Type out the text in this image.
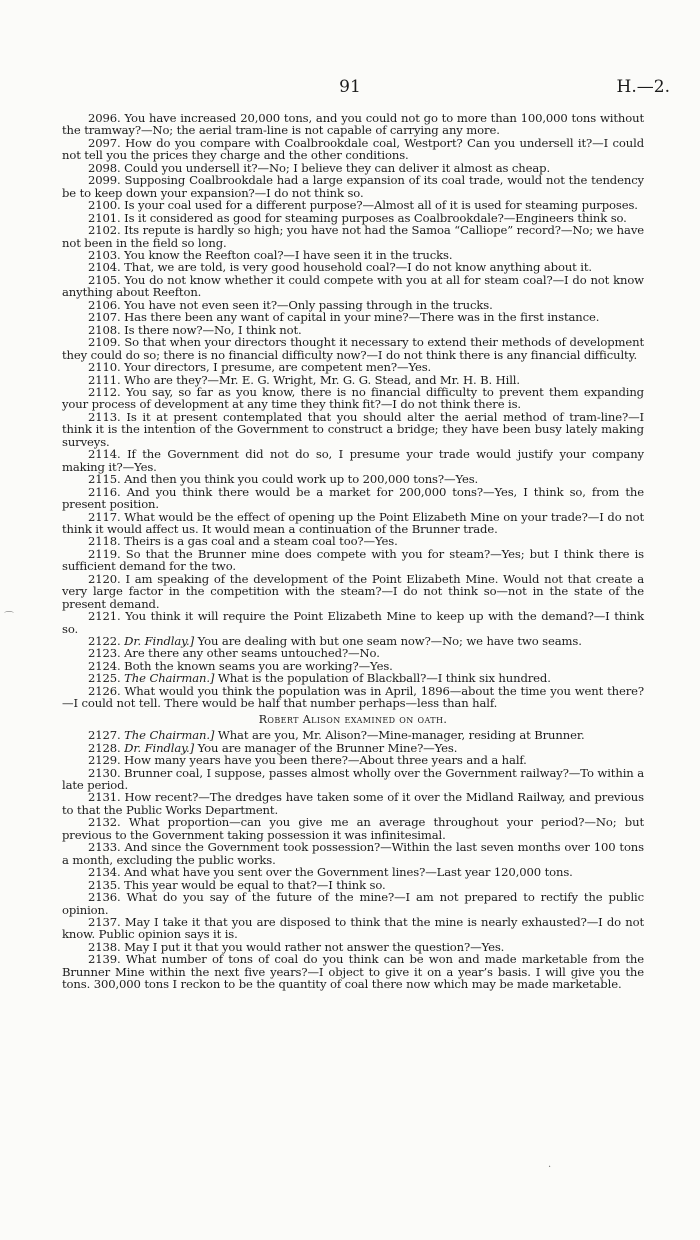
91	H.—2.

2096. You have increased 20,000 tons, and you could not go to more than 100,000 tons without the tramway?—No; the aerial tram-line is not capable of carrying any more.

2097. How do you compare with Coalbrookdale coal, Westport? Can you undersell it?—I could not tell you the prices they charge and the other conditions.

2098. Could you undersell it?—No; I believe they can deliver it almost as cheap.

2099. Supposing Coalbrookdale had a large expansion of its coal trade, would not the tendency be to keep down your expansion?—I do not think so.

2100. Is your coal used for a different purpose?—Almost all of it is used for steaming purposes.

2101. Is it considered as good for steaming purposes as Coalbrookdale?—Engineers think so.

2102. Its repute is hardly so high; you have not had the Samoa “Calliope” record?—No; we have not been in the field so long.

2103. You know the Reefton coal?—I have seen it in the trucks.

2104. That, we are told, is very good household coal?—I do not know anything about it.

2105. You do not know whether it could compete with you at all for steam coal?—I do not know anything about Reefton.

2106. You have not even seen it?—Only passing through in the trucks.

2107. Has there been any want of capital in your mine?—There was in the first instance.

2108. Is there now?—No, I think not.

2109. So that when your directors thought it necessary to extend their methods of development they could do so; there is no financial difficulty now?—I do not think there is any financial difficulty.

2110. Your directors, I presume, are competent men?—Yes.

2111. Who are they?—Mr. E. G. Wright, Mr. G. G. Stead, and Mr. H. B. Hill.

2112. You say, so far as you know, there is no financial difficulty to prevent them expanding your process of development at any time they think fit?—I do not think there is.

2113. Is it at present contemplated that you should alter the aerial method of tram-line?—I think it is the intention of the Government to construct a bridge; they have been busy lately making surveys.

2114. If the Government did not do so, I presume your trade would justify your company making it?—Yes.

2115. And then you think you could work up to 200,000 tons?—Yes.

2116. And you think there would be a market for 200,000 tons?—Yes, I think so, from the present position.

2117. What would be the effect of opening up the Point Elizabeth Mine on your trade?—I do not think it would affect us. It would mean a continuation of the Brunner trade.

2118. Theirs is a gas coal and a steam coal too?—Yes.

2119. So that the Brunner mine does compete with you for steam?—Yes; but I think there is sufficient demand for the two.

2120. I am speaking of the development of the Point Elizabeth Mine. Would not that create a very large factor in the competition with the steam?—I do not think so—not in the state of the present demand.

2121. You think it will require the Point Elizabeth Mine to keep up with the demand?—I think so.

2122. Dr. Findlay.] You are dealing with but one seam now?—No; we have two seams.

2123. Are there any other seams untouched?—No.

2124. Both the known seams you are working?—Yes.

2125. The Chairman.] What is the population of Blackball?—I think six hundred.

2126. What would you think the population was in April, 1896—about the time you went there?—I could not tell. There would be half that number perhaps—less than half.

Robert Alison examined on oath.

2127. The Chairman.] What are you, Mr. Alison?—Mine-manager, residing at Brunner.

2128. Dr. Findlay.] You are manager of the Brunner Mine?—Yes.

2129. How many years have you been there?—About three years and a half.

2130. Brunner coal, I suppose, passes almost wholly over the Government railway?—To within a late period.

2131. How recent?—The dredges have taken some of it over the Midland Railway, and previous to that the Public Works Department.

2132. What proportion—can you give me an average throughout your period?—No; but previous to the Government taking possession it was infinitesimal.

2133. And since the Government took possession?—Within the last seven months over 100 tons a month, excluding the public works.

2134. And what have you sent over the Government lines?—Last year 120,000 tons.

2135. This year would be equal to that?—I think so.

2136. What do you say of the future of the mine?—I am not prepared to rectify the public opinion.

2137. May I take it that you are disposed to think that the mine is nearly exhausted?—I do not know. Public opinion says it is.

2138. May I put it that you would rather not answer the question?—Yes.

2139. What number of tons of coal do you think can be won and made marketable from the Brunner Mine within the next five years?—I object to give it on a year’s basis. I will give you the tons. 300,000 tons I reckon to be the quantity of coal there now which may be made marketable.

⌒
·
